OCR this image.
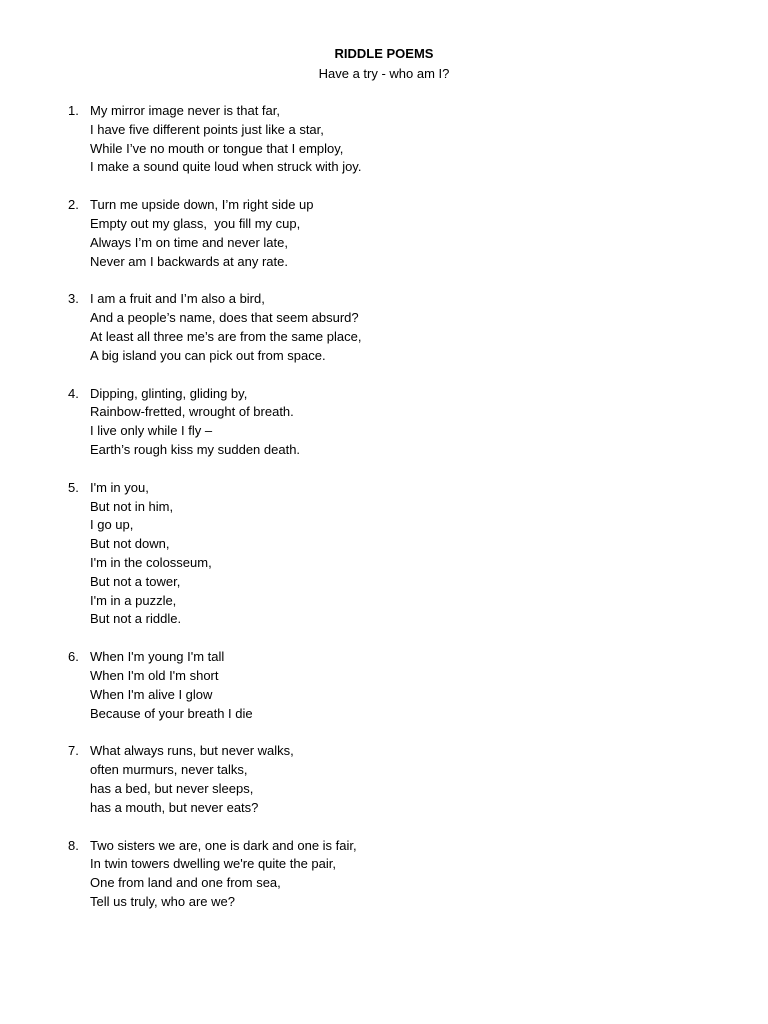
RIDDLE POEMS
Have a try - who am I?
1. My mirror image never is that far,
I have five different points just like a star,
While I’ve no mouth or tongue that I employ,
I make a sound quite loud when struck with joy.
2. Turn me upside down, I’m right side up
Empty out my glass,  you fill my cup,
Always I’m on time and never late,
Never am I backwards at any rate.
3. I am a fruit and I’m also a bird,
And a people’s name, does that seem absurd?
At least all three me’s are from the same place,
A big island you can pick out from space.
4. Dipping, glinting, gliding by,
Rainbow-fretted, wrought of breath.
I live only while I fly –
Earth’s rough kiss my sudden death.
5. I'm in you,
But not in him,
I go up,
But not down,
I'm in the colosseum,
But not a tower,
I'm in a puzzle,
But not a riddle.
6. When I'm young I'm tall
When I'm old I'm short
When I'm alive I glow
Because of your breath I die
7. What always runs, but never walks,
often murmurs, never talks,
has a bed, but never sleeps,
has a mouth, but never eats?
8. Two sisters we are, one is dark and one is fair,
In twin towers dwelling we're quite the pair,
One from land and one from sea,
Tell us truly, who are we?
